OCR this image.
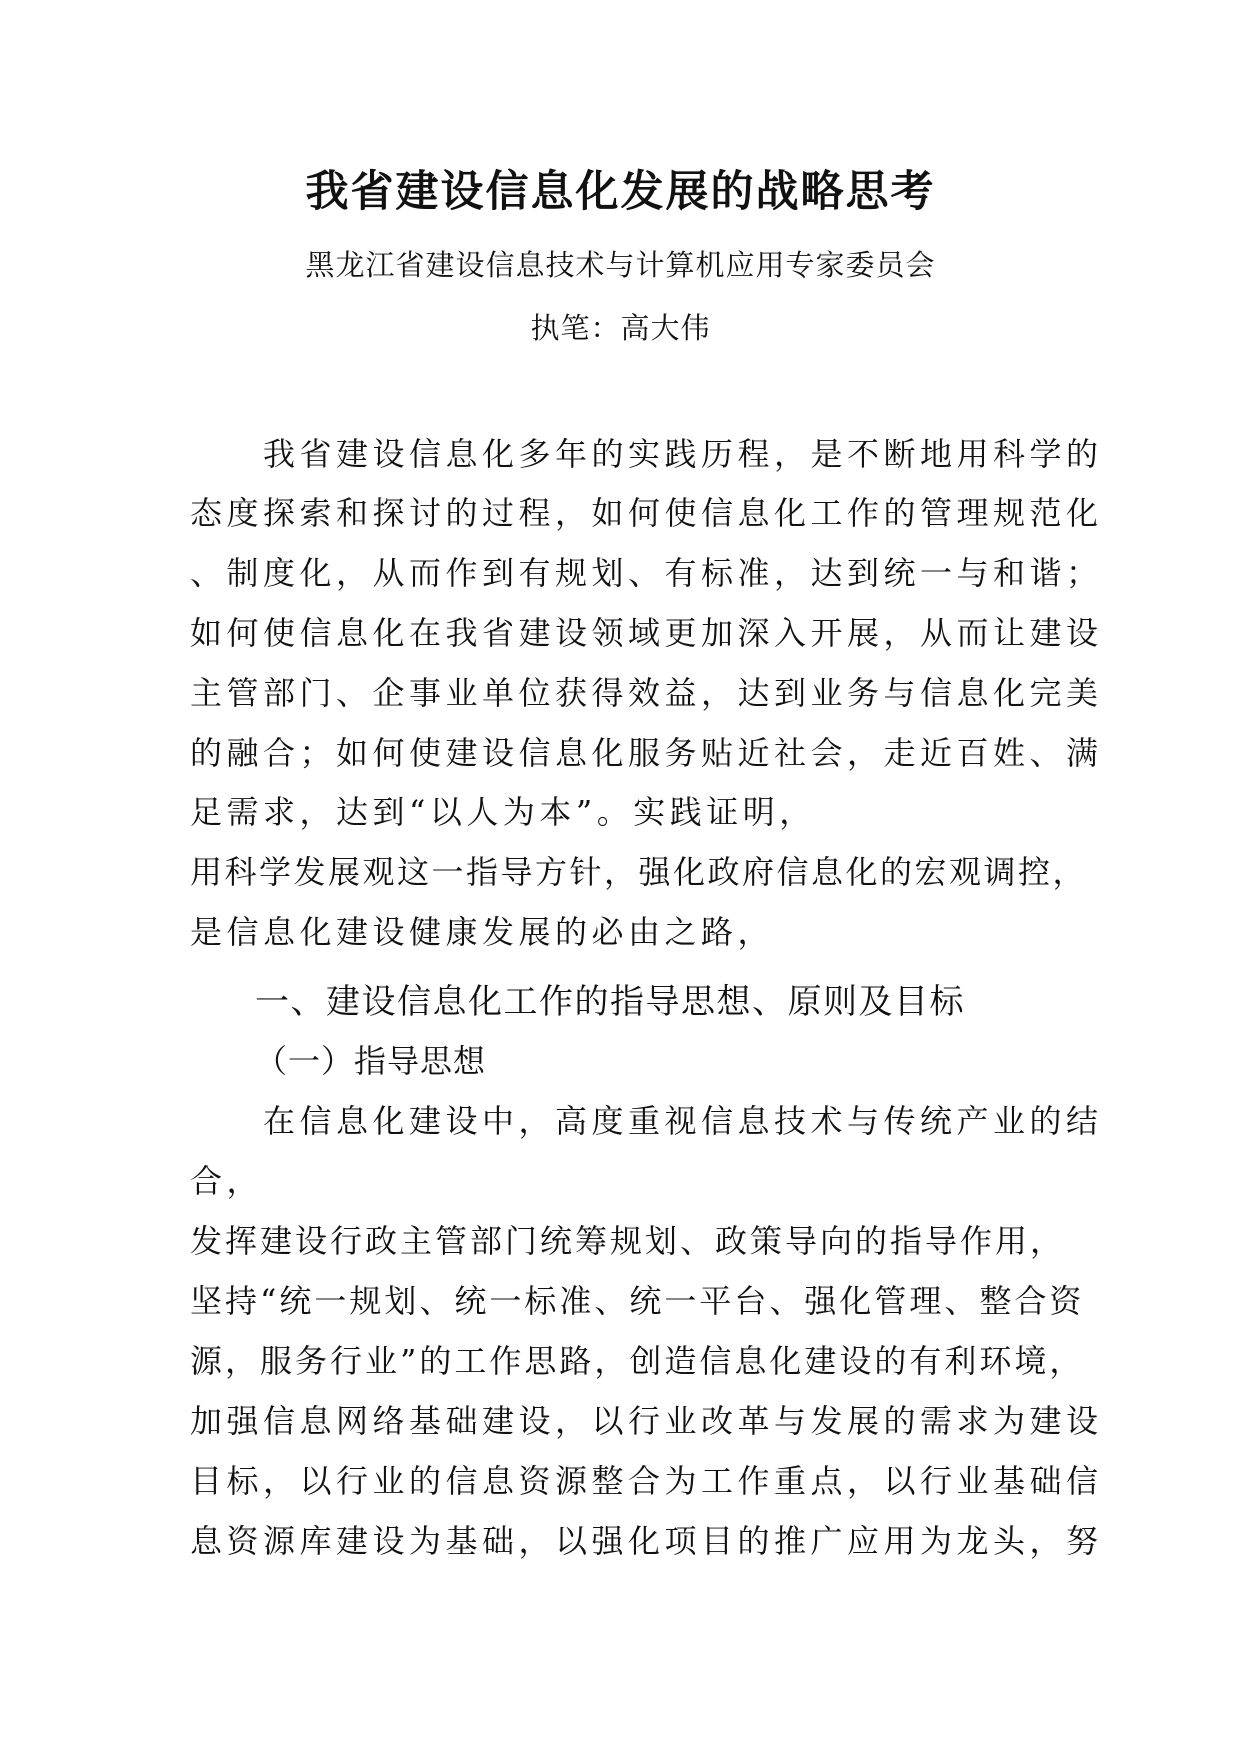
我省建设信息化发展的战略思考
黑龙江省建设信息技术与计算机应用专家委员会
执笔：高大伟
　　我省建设信息化多年的实践历程，是不断地用科学的
态度探索和探讨的过程，如何使信息化工作的管理规范化
、制度化，从而作到有规划、有标准，达到统一与和谐；
如何使信息化在我省建设领域更加深入开展，从而让建设
主管部门、企事业单位获得效益，达到业务与信息化完美
的融合；如何使建设信息化服务贴近社会，走近百姓、满
足需求，达到“以人为本”。实践证明，
用科学发展观这一指导方针，强化政府信息化的宏观调控，
是信息化建设健康发展的必由之路，
一、建设信息化工作的指导思想、原则及目标
（一）指导思想
　　在信息化建设中，高度重视信息技术与传统产业的结
合，
发挥建设行政主管部门统筹规划、政策导向的指导作用，
坚持“统一规划、统一标准、统一平台、强化管理、整合资
源，服务行业”的工作思路，创造信息化建设的有利环境，
加强信息网络基础建设，以行业改革与发展的需求为建设
目标，以行业的信息资源整合为工作重点，以行业基础信
息资源库建设为基础，以强化项目的推广应用为龙头，努
